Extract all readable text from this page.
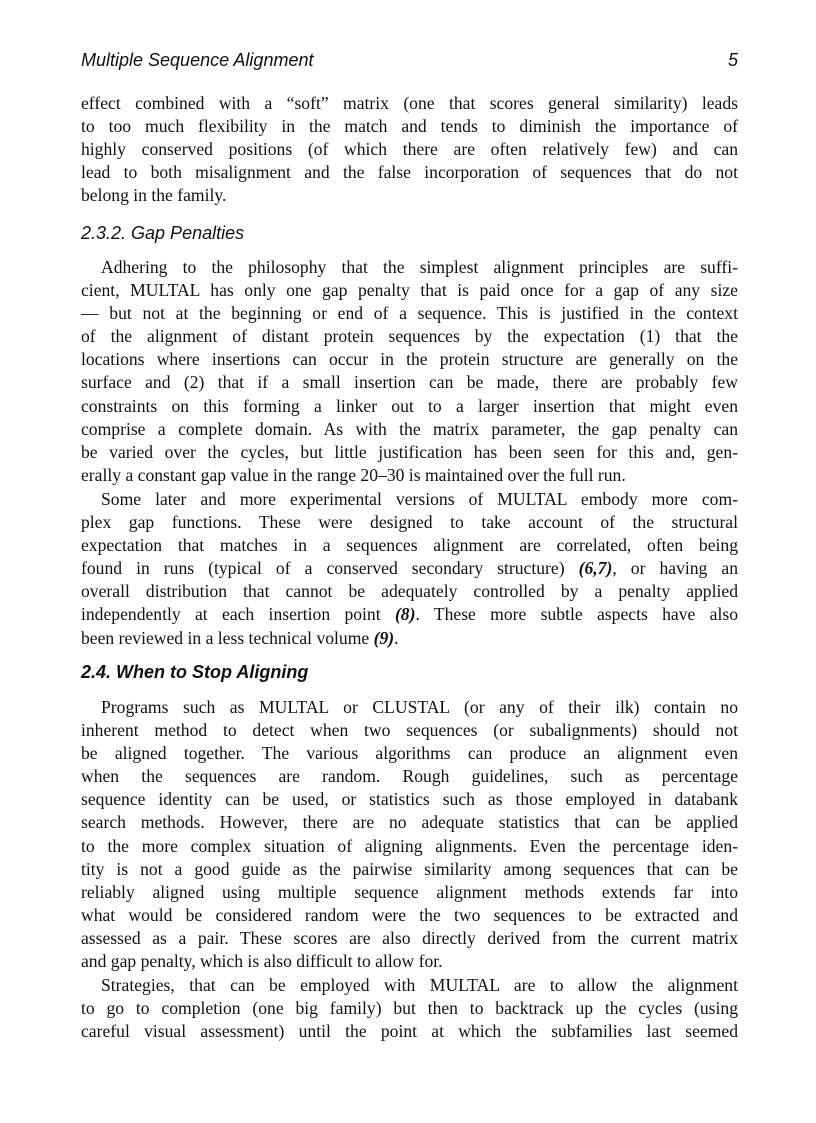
Multiple Sequence Alignment	5
effect combined with a “soft” matrix (one that scores general similarity) leads
to too much flexibility in the match and tends to diminish the importance of
highly conserved positions (of which there are often relatively few) and can
lead to both misalignment and the false incorporation of sequences that do not
belong in the family.
2.3.2. Gap Penalties
Adhering to the philosophy that the simplest alignment principles are suffi-
cient, MULTAL has only one gap penalty that is paid once for a gap of any size
— but not at the beginning or end of a sequence. This is justified in the context
of the alignment of distant protein sequences by the expectation (1) that the
locations where insertions can occur in the protein structure are generally on the
surface and (2) that if a small insertion can be made, there are probably few
constraints on this forming a linker out to a larger insertion that might even
comprise a complete domain. As with the matrix parameter, the gap penalty can
be varied over the cycles, but little justification has been seen for this and, gen-
erally a constant gap value in the range 20–30 is maintained over the full run.
Some later and more experimental versions of MULTAL embody more com-
plex gap functions. These were designed to take account of the structural
expectation that matches in a sequences alignment are correlated, often being
found in runs (typical of a conserved secondary structure) (6,7), or having an
overall distribution that cannot be adequately controlled by a penalty applied
independently at each insertion point (8). These more subtle aspects have also
been reviewed in a less technical volume (9).
2.4. When to Stop Aligning
Programs such as MULTAL or CLUSTAL (or any of their ilk) contain no
inherent method to detect when two sequences (or subalignments) should not
be aligned together. The various algorithms can produce an alignment even
when the sequences are random. Rough guidelines, such as percentage
sequence identity can be used, or statistics such as those employed in databank
search methods. However, there are no adequate statistics that can be applied
to the more complex situation of aligning alignments. Even the percentage iden-
tity is not a good guide as the pairwise similarity among sequences that can be
reliably aligned using multiple sequence alignment methods extends far into
what would be considered random were the two sequences to be extracted and
assessed as a pair. These scores are also directly derived from the current matrix
and gap penalty, which is also difficult to allow for.
Strategies, that can be employed with MULTAL are to allow the alignment
to go to completion (one big family) but then to backtrack up the cycles (using
careful visual assessment) until the point at which the subfamilies last seemed
